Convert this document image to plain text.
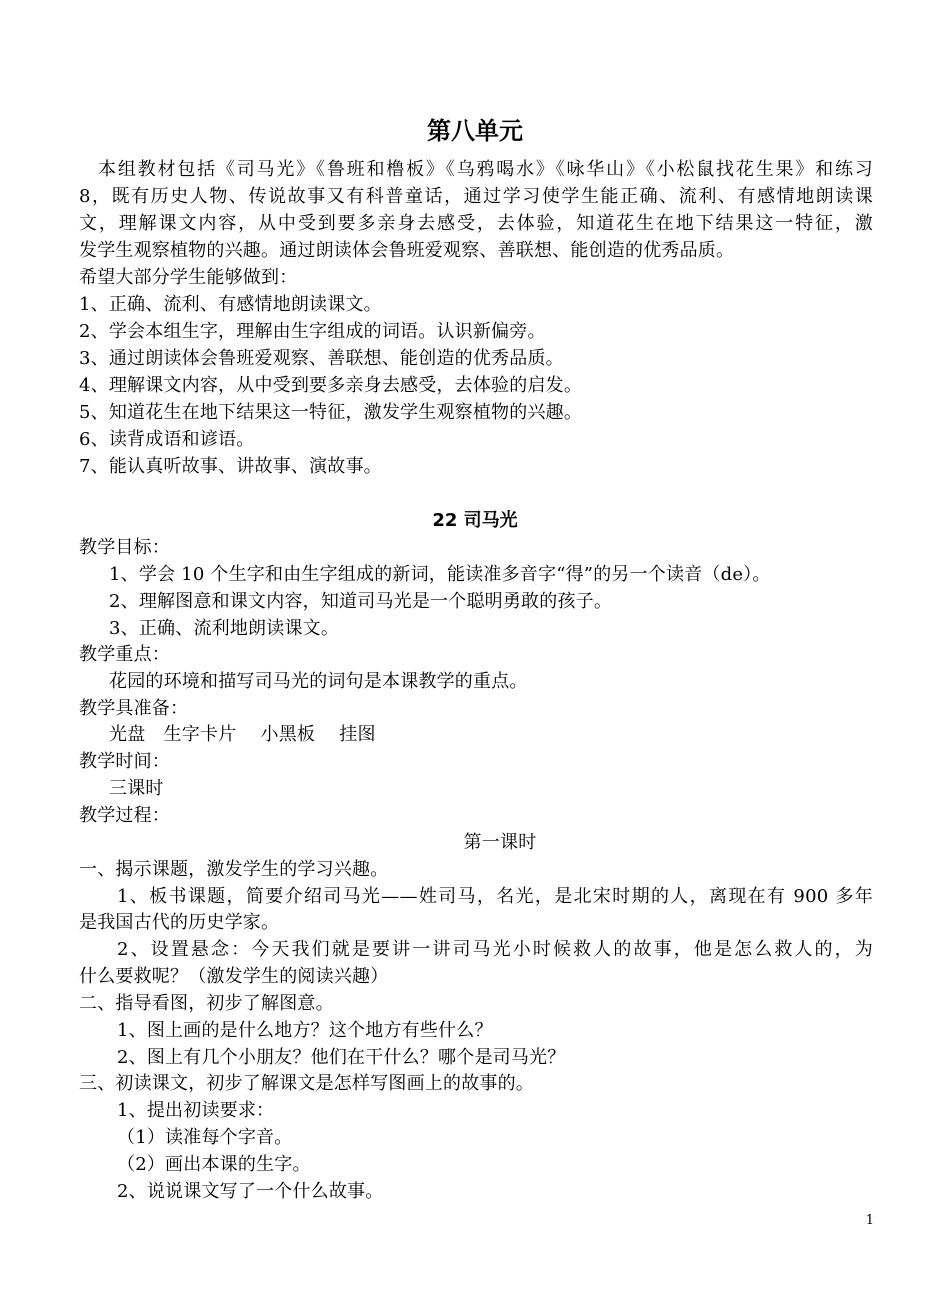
第八单元
本组教材包括《司马光》《鲁班和橹板》《乌鸦喝水》《咏华山》《小松鼠找花生果》和练习
8，既有历史人物、传说故事又有科普童话，通过学习使学生能正确、流利、有感情地朗读课
文，理解课文内容，从中受到要多亲身去感受，去体验，知道花生在地下结果这一特征，激
发学生观察植物的兴趣。通过朗读体会鲁班爱观察、善联想、能创造的优秀品质。
希望大部分学生能够做到：
1、正确、流利、有感情地朗读课文。
2、学会本组生字，理解由生字组成的词语。认识新偏旁。
3、通过朗读体会鲁班爱观察、善联想、能创造的优秀品质。
4、理解课文内容，从中受到要多亲身去感受，去体验的启发。
5、知道花生在地下结果这一特征，激发学生观察植物的兴趣。
6、读背成语和谚语。
7、能认真听故事、讲故事、演故事。
22 司马光
教学目标：
1、学会 10 个生字和由生字组成的新词，能读准多音字“得”的另一个读音（de）。
2、理解图意和课文内容，知道司马光是一个聪明勇敢的孩子。
3、正确、流利地朗读课文。
教学重点：
花园的环境和描写司马光的词句是本课教学的重点。
教学具准备：
光盘　生字卡片　 小黑板　 挂图
教学时间：
三课时
教学过程：
第一课时
一、揭示课题，激发学生的学习兴趣。
1、板书课题，简要介绍司马光——姓司马，名光，是北宋时期的人，离现在有 900 多年
是我国古代的历史学家。
2、设置悬念：今天我们就是要讲一讲司马光小时候救人的故事，他是怎么救人的，为
什么要救呢？（激发学生的阅读兴趣）
二、指导看图，初步了解图意。
1、图上画的是什么地方？这个地方有些什么？
2、图上有几个小朋友？他们在干什么？哪个是司马光？
三、初读课文，初步了解课文是怎样写图画上的故事的。
1、提出初读要求：
（1）读准每个字音。
（2）画出本课的生字。
2、说说课文写了一个什么故事。
1
